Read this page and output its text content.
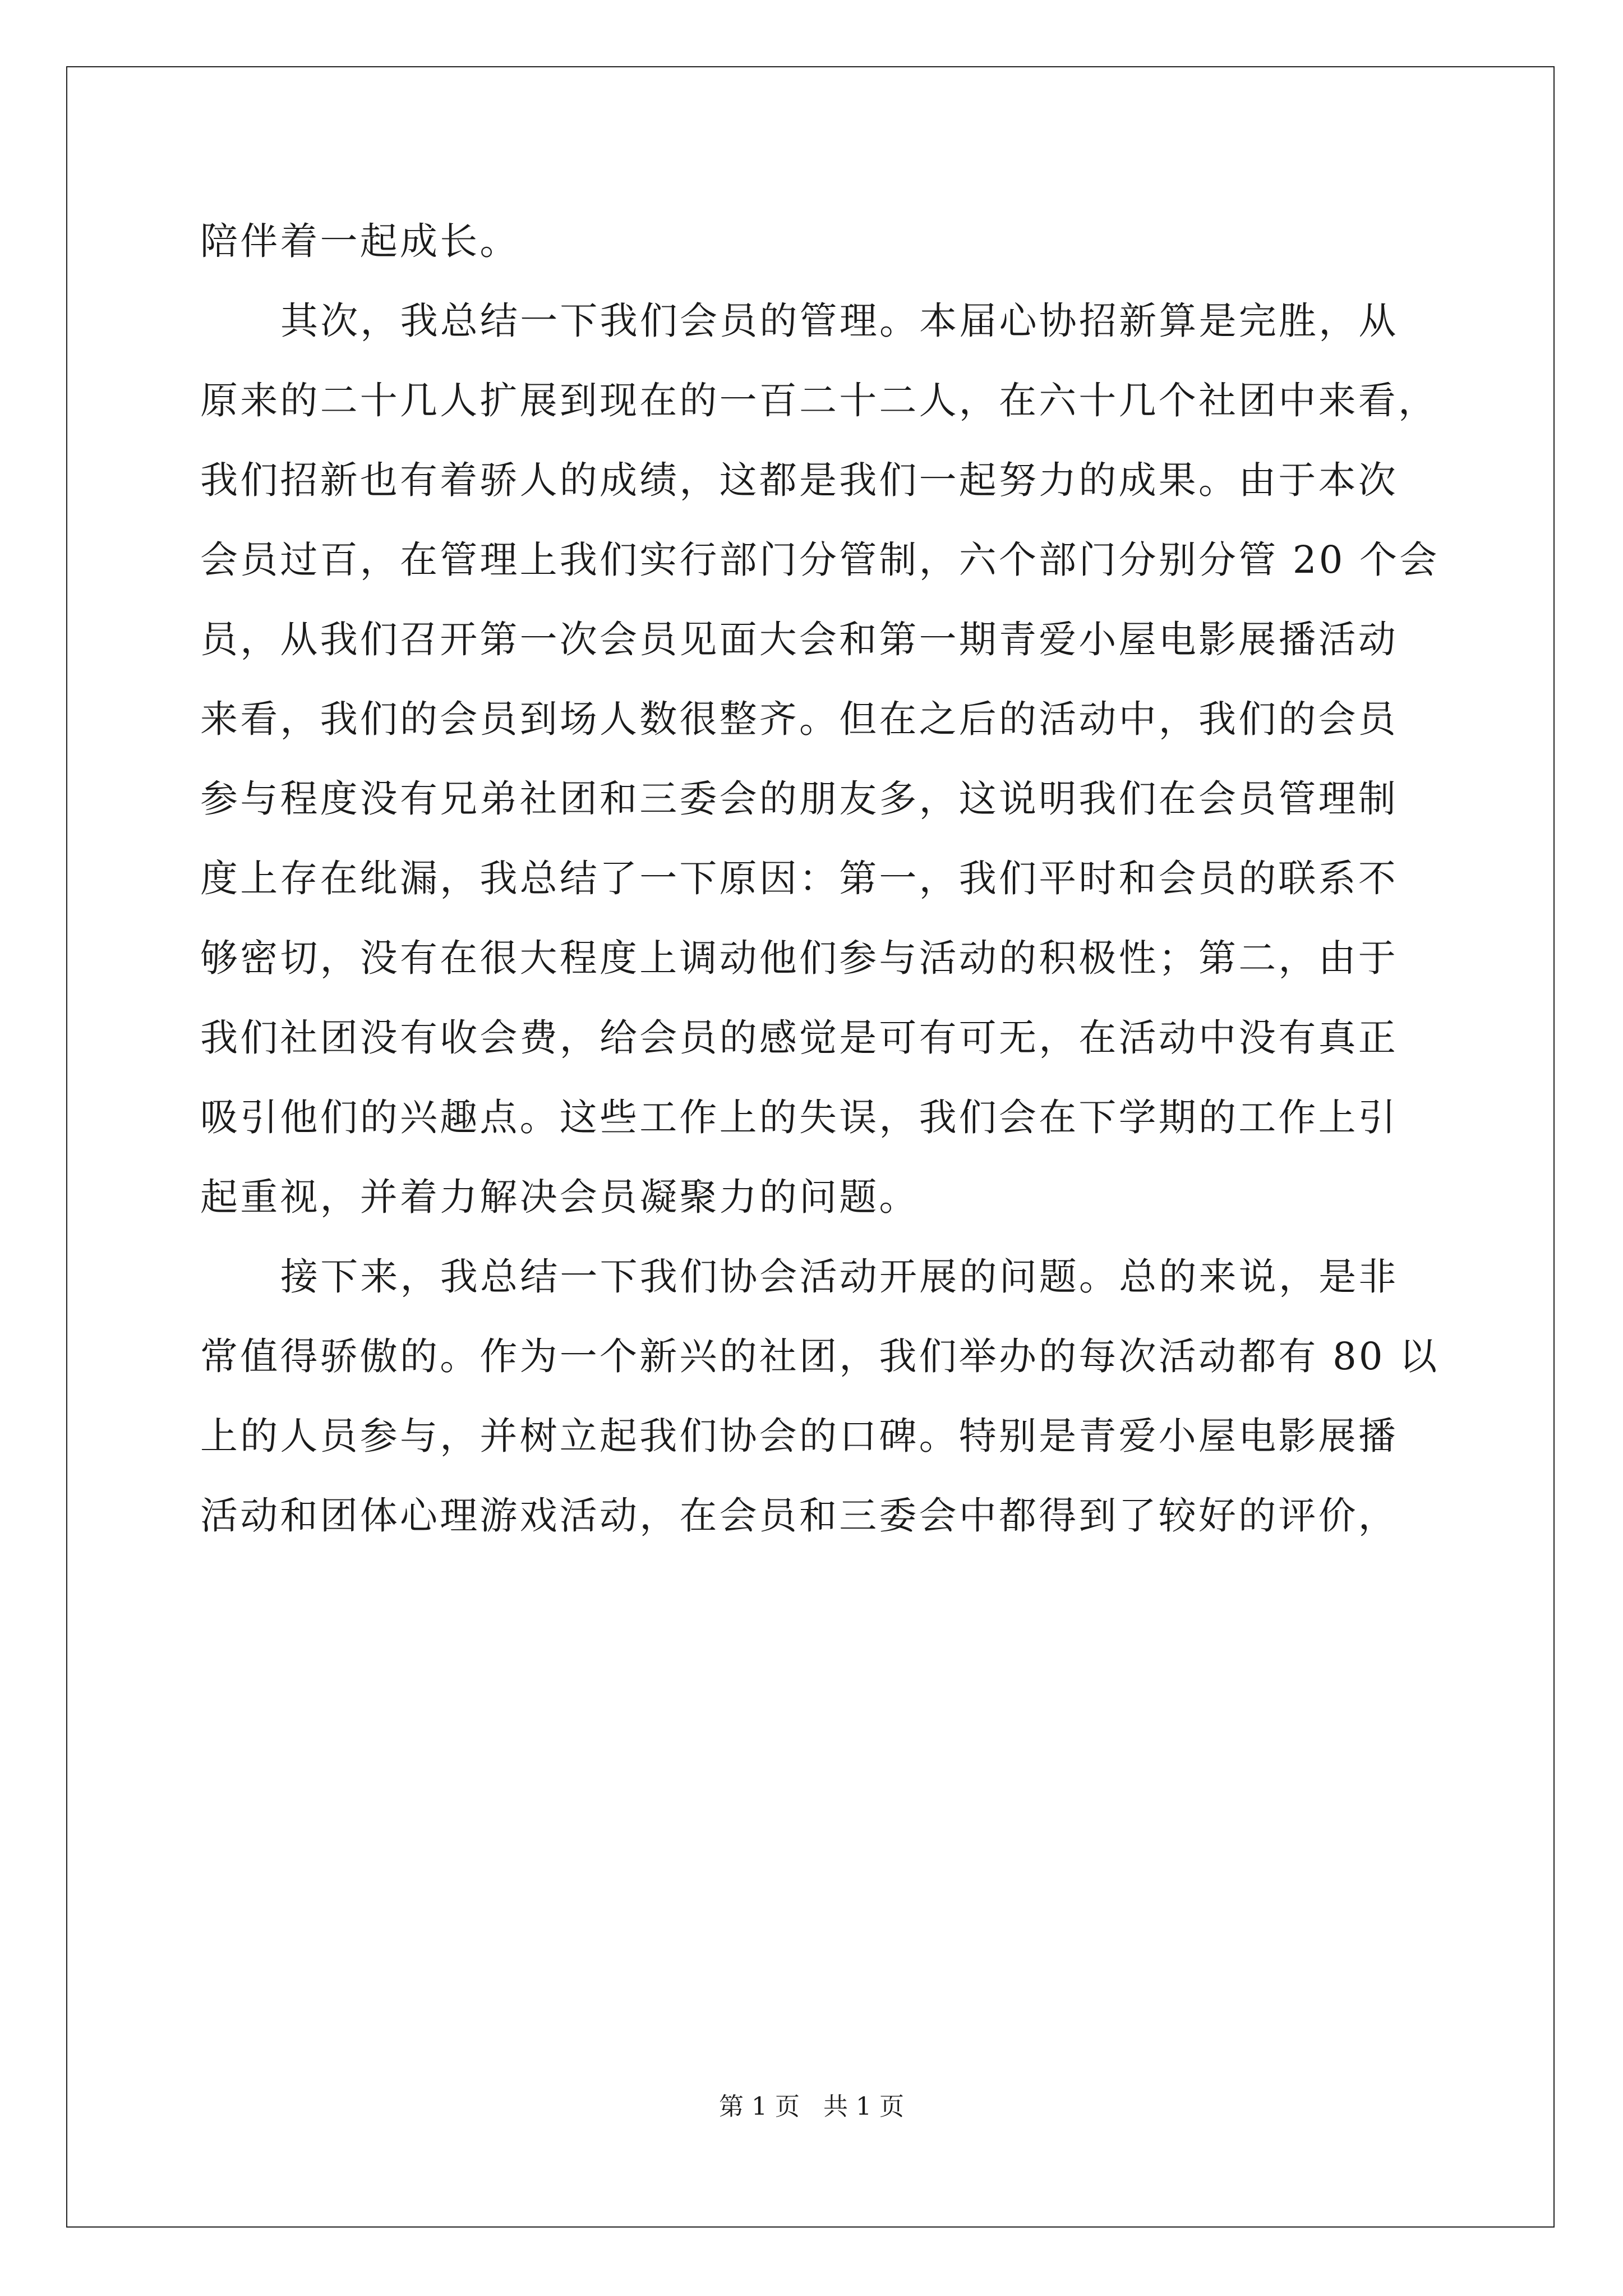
陪伴着一起成长。
其次，我总结一下我们会员的管理。本届心协招新算是完胜，从
原来的二十几人扩展到现在的一百二十二人，在六十几个社团中来看，
我们招新也有着骄人的成绩，这都是我们一起努力的成果。由于本次
会员过百，在管理上我们实行部门分管制，六个部门分别分管 20 个会
员，从我们召开第一次会员见面大会和第一期青爱小屋电影展播活动
来看，我们的会员到场人数很整齐。但在之后的活动中，我们的会员
参与程度没有兄弟社团和三委会的朋友多，这说明我们在会员管理制
度上存在纰漏，我总结了一下原因：第一，我们平时和会员的联系不
够密切，没有在很大程度上调动他们参与活动的积极性；第二，由于
我们社团没有收会费，给会员的感觉是可有可无，在活动中没有真正
吸引他们的兴趣点。这些工作上的失误，我们会在下学期的工作上引
起重视，并着力解决会员凝聚力的问题。
接下来，我总结一下我们协会活动开展的问题。总的来说，是非
常值得骄傲的。作为一个新兴的社团，我们举办的每次活动都有 80 以
上的人员参与，并树立起我们协会的口碑。特别是青爱小屋电影展播
活动和团体心理游戏活动，在会员和三委会中都得到了较好的评价，
第 1 页   共 1 页
